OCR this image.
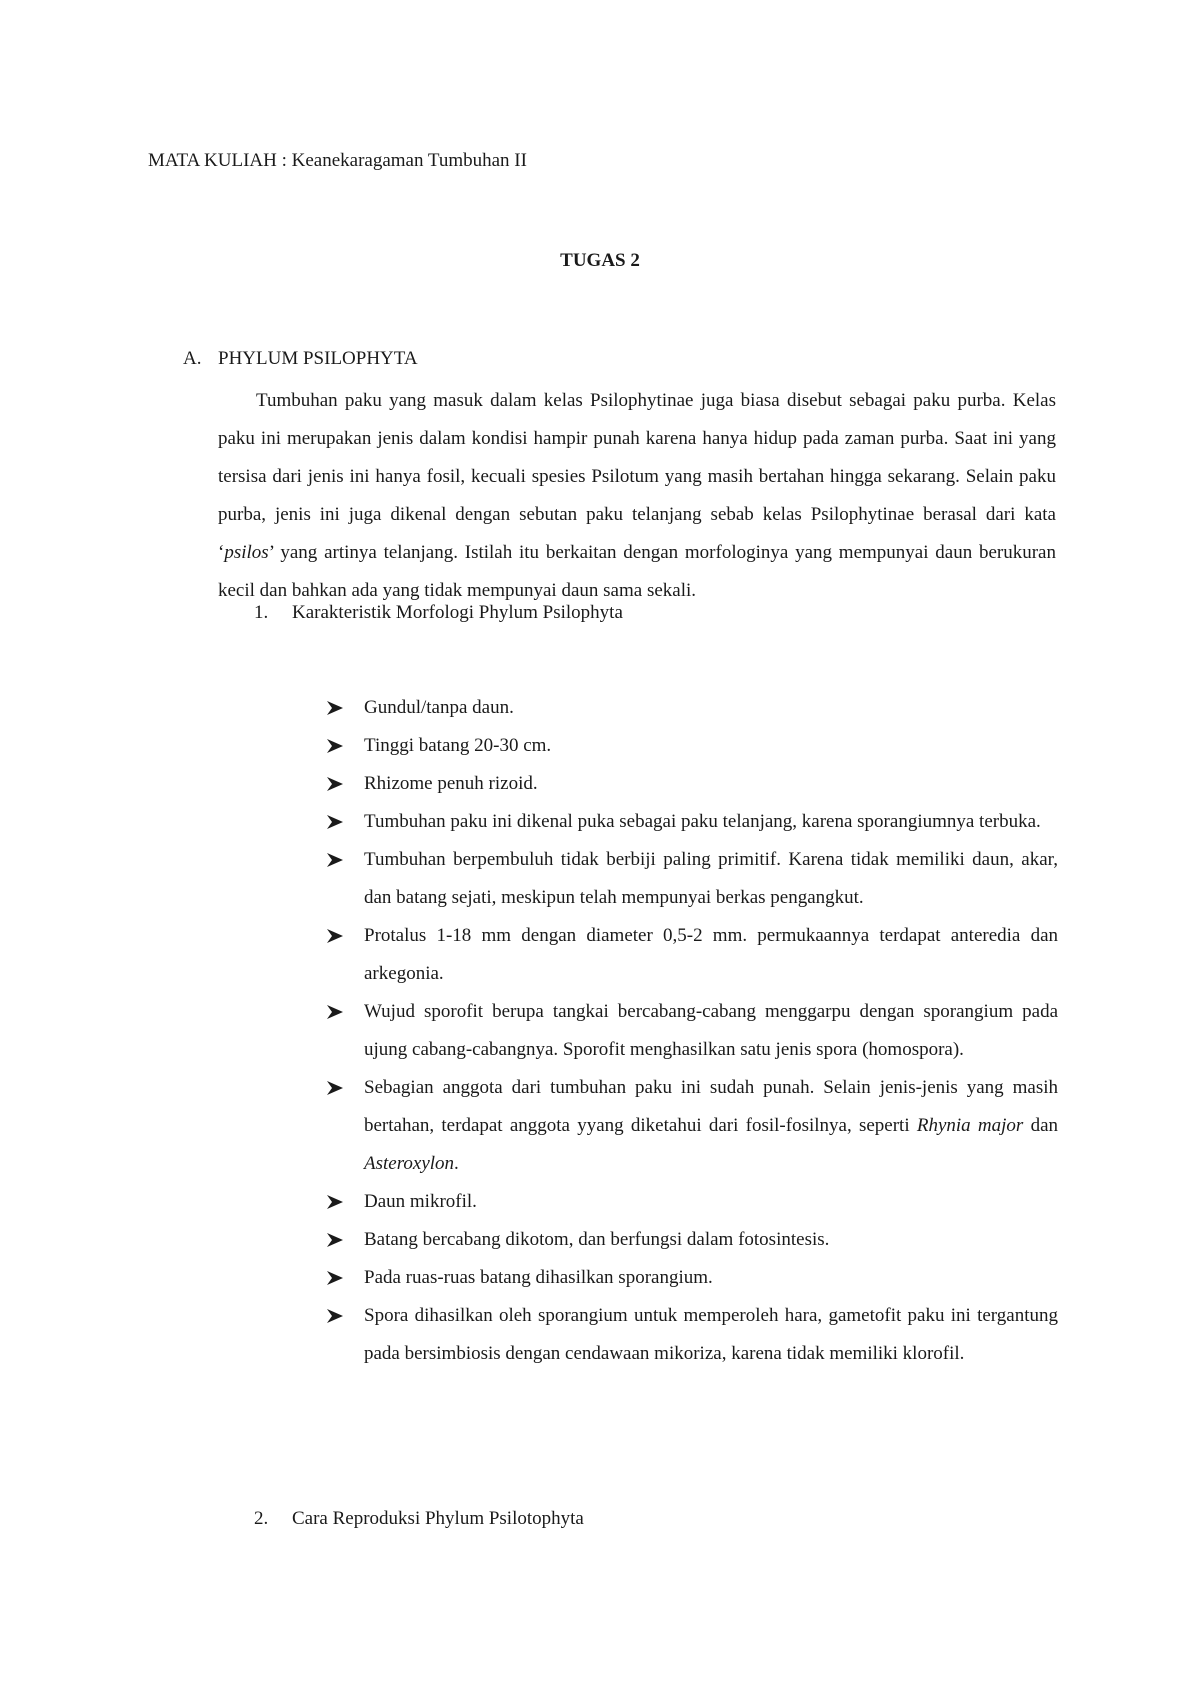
MATA KULIAH : Keanekaragaman Tumbuhan II
TUGAS 2
A. PHYLUM PSILOPHYTA

Tumbuhan paku yang masuk dalam kelas Psilophytinae juga biasa disebut sebagai paku purba. Kelas paku ini merupakan jenis dalam kondisi hampir punah karena hanya hidup pada zaman purba. Saat ini yang tersisa dari jenis ini hanya fosil, kecuali spesies Psilotum yang masih bertahan hingga sekarang. Selain paku purba, jenis ini juga dikenal dengan sebutan paku telanjang sebab kelas Psilophytinae berasal dari kata ‘psilos’ yang artinya telanjang. Istilah itu berkaitan dengan morfologinya yang mempunyai daun berukuran kecil dan bahkan ada yang tidak mempunyai daun sama sekali.

1. Karakteristik Morfologi Phylum Psilophyta
Gundul/tanpa daun.
Tinggi batang 20-30 cm.
Rhizome penuh rizoid.
Tumbuhan paku ini dikenal puka sebagai paku telanjang, karena sporangiumnya terbuka.
Tumbuhan berpembuluh tidak berbiji paling primitif. Karena tidak memiliki daun, akar, dan batang sejati, meskipun telah mempunyai berkas pengangkut.
Protalus 1-18 mm dengan diameter 0,5-2 mm. permukaannya terdapat anteredia dan arkegonia.
Wujud sporofit berupa tangkai bercabang-cabang menggarpu dengan sporangium pada ujung cabang-cabangnya. Sporofit menghasilkan satu jenis spora (homospora).
Sebagian anggota dari tumbuhan paku ini sudah punah. Selain jenis-jenis yang masih bertahan, terdapat anggota yyang diketahui dari fosil-fosilnya, seperti Rhynia major dan Asteroxylon.
Daun mikrofil.
Batang bercabang dikotom, dan berfungsi dalam fotosintesis.
Pada ruas-ruas batang dihasilkan sporangium.
Spora dihasilkan oleh sporangium untuk memperoleh hara, gametofit paku ini tergantung pada bersimbiosis dengan cendawaan mikoriza, karena tidak memiliki klorofil.
2. Cara Reproduksi Phylum Psilotophyta
